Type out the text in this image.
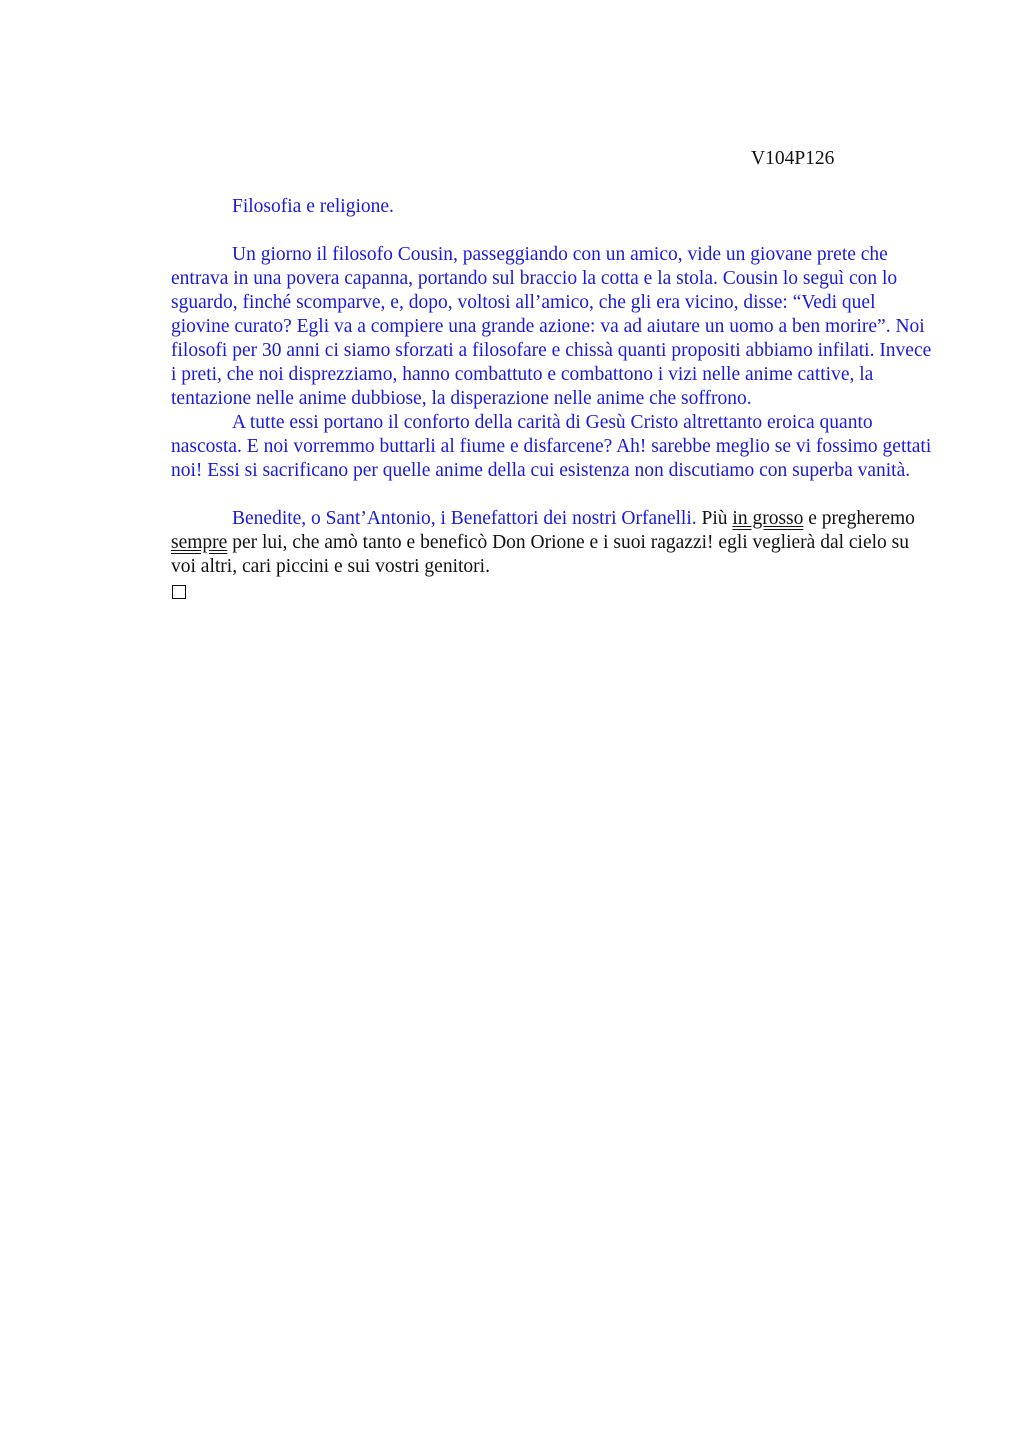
V104P126

Filosofia e religione.

Un giorno il filosofo Cousin, passeggiando con un amico, vide un giovane prete che entrava in una povera capanna, portando sul braccio la cotta e la stola. Cousin lo seguì con lo sguardo, finché scomparve, e, dopo, voltosi all’amico, che gli era vicino, disse: “Vedi quel giovine curato? Egli va a compiere una grande azione: va ad aiutare un uomo a ben morire”. Noi filosofi per 30 anni ci siamo sforzati a filosofare e chissà quanti propositi abbiamo infilati. Invece i preti, che noi disprezziamo, hanno combattuto e combattono i vizi nelle anime cattive, la tentazione nelle anime dubbiose, la disperazione nelle anime che soffrono.

A tutte essi portano il conforto della carità di Gesù Cristo altrettanto eroica quanto nascosta. E noi vorremmo buttarli al fiume e disfarcene? Ah! sarebbe meglio se vi fossimo gettati noi! Essi si sacrificano per quelle anime della cui esistenza non discutiamo con superba vanità.

Benedite, o Sant’Antonio, i Benefattori dei nostri Orfanelli. Più in grosso e pregheremo sempre per lui, che amò tanto e beneficò Don Orione e i suoi ragazzi! egli veglierà dal cielo su voi altri, cari piccini e sui vostri genitori.
